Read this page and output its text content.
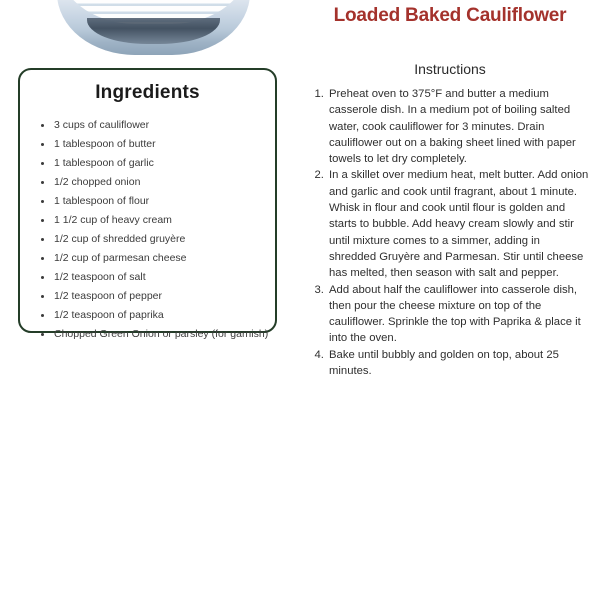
Ingredients
3 cups of cauliflower
1 tablespoon of butter
1 tablespoon of garlic
1/2 chopped onion
1 tablespoon of flour
1 1/2 cup of heavy cream
1/2 cup of shredded gruyère
1/2 cup of parmesan cheese
1/2 teaspoon of salt
1/2 teaspoon of pepper
1/2 teaspoon of paprika
Chopped Green Onion or parsley (for garnish)
Loaded Baked Cauliflower
Instructions
1. Preheat oven to 375°F and butter a medium casserole dish. In a medium pot of boiling salted water, cook cauliflower for 3 minutes. Drain cauliflower out on a baking sheet lined with paper towels to let dry completely.
2. In a skillet over medium heat, melt butter. Add onion and garlic and cook until fragrant, about 1 minute. Whisk in flour and cook until flour is golden and starts to bubble. Add heavy cream slowly and stir until mixture comes to a simmer, adding in shredded Gruyère and Parmesan. Stir until cheese has melted, then season with salt and pepper.
3. Add about half the cauliflower into casserole dish, then pour the cheese mixture on top of the cauliflower. Sprinkle the top with Paprika & place it into the oven.
4. Bake until bubbly and golden on top, about 25 minutes.
